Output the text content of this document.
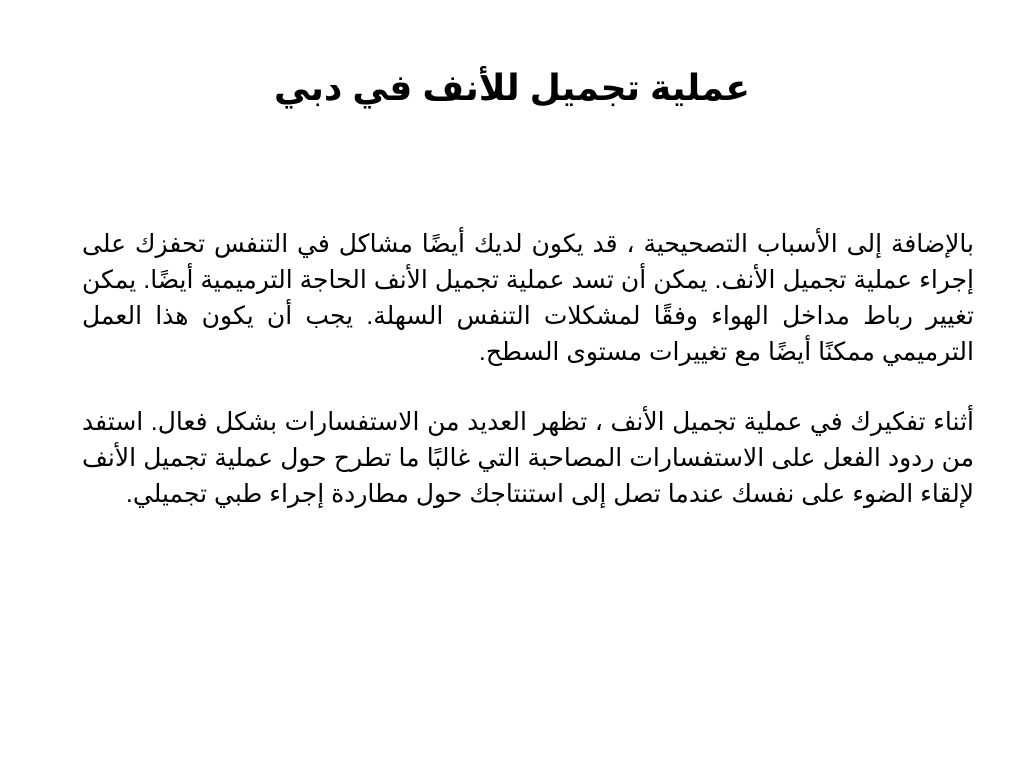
عملية تجميل للأنف في دبي

بالإضافة إلى الأسباب التصحيحية ، قد يكون لديك أيضًا مشاكل في التنفس تحفزك على إجراء عملية تجميل الأنف. يمكن أن تسد عملية تجميل الأنف الحاجة الترميمية أيضًا. يمكن تغيير رباط مداخل الهواء وفقًا لمشكلات التنفس السهلة. يجب أن يكون هذا العمل الترميمي ممكنًا أيضًا مع تغييرات مستوى السطح.

أثناء تفكيرك في عملية تجميل الأنف ، تظهر العديد من الاستفسارات بشكل فعال. استفد من ردود الفعل على الاستفسارات المصاحبة التي غالبًا ما تطرح حول عملية تجميل الأنف لإلقاء الضوء على نفسك عندما تصل إلى استنتاجك حول مطاردة إجراء طبي تجميلي.
